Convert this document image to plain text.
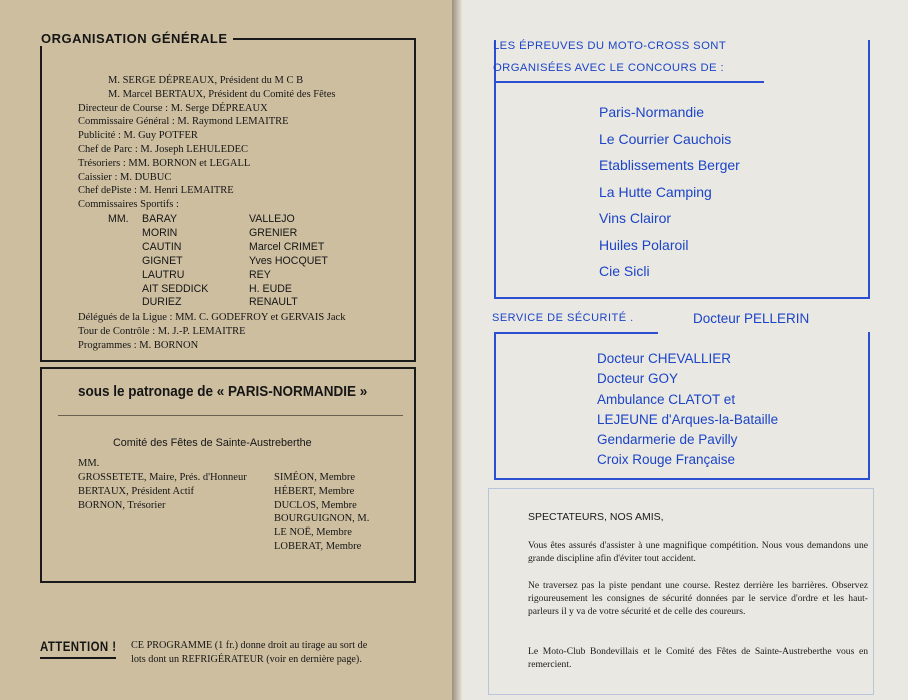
ORGANISATION GÉNÉRALE
M. SERGE DÉPREAUX, Président du M C B
M. Marcel BERTAUX, Président du Comité des Fêtes
Directeur de Course : M. Serge DÉPREAUX
Commissaire Général : M. Raymond LEMAITRE
Publicité : M. Guy POTFER
Chef de Parc : M. Joseph LEHULEDEC
Trésoriers : MM. BORNON et LEGALL
Caissier : M. DUBUC
Chef dePiste : M. Henri LEMAITRE
Commissaires Sportifs :
MM. BARAY
MORIN
CAUTIN
GIGNET
LAUTRU
AIT SEDDICK
DURIEZ
VALLEJO
GRENIER
Marcel CRIMET
Yves HOCQUET
REY
H. EUDE
RENAULT
Délégués de la Ligue : MM. C. GODEFROY et GERVAIS Jack
Tour de Contrôle : M. J.-P. LEMAITRE
Programmes : M. BORNON
sous le patronage de « PARIS-NORMANDIE »
Comité des Fêtes de Sainte-Austreberthe
MM.
GROSSETETE, Maire, Prés. d'Honneur
BERTAUX, Président Actif
BORNON, Trésorier
SIMÉON, Membre
HÉBERT, Membre
DUCLOS, Membre
BOURGUIGNON, M.
LE NOË, Membre
LOBERAT, Membre
ATTENTION ! CE PROGRAMME (1 fr.) donne droit au tirage au sort de
lots dont un REFRIGÉRATEUR (voir en dernière page).
LES ÉPREUVES DU MOTO-CROSS SONT
ORGANISÉES AVEC LE CONCOURS DE :
Paris-Normandie
Le Courrier Cauchois
Etablissements Berger
La Hutte Camping
Vins Clairor
Huiles Polaroil
Cie Sicli
SERVICE DE SÉCURITÉ .	Docteur PELLERIN
Docteur CHEVALLIER
Docteur GOY
Ambulance CLATOT et
LEJEUNE d'Arques-la-Bataille
Gendarmerie de Pavilly
Croix Rouge Française
SPECTATEURS, NOS AMIS,
Vous êtes assurés d'assister à une magnifique compétition. Nous vous demandons une grande discipline afin d'éviter tout accident.
Ne traversez pas la piste pendant une course. Restez derrière les barrières. Observez rigoureusement les consignes de sécurité données par le service d'ordre et les haut-parleurs il y va de votre sécurité et de celle des coureurs.
Le Moto-Club Bondevillais et le Comité des Fêtes de Sainte-Austreberthe vous en remercient.
